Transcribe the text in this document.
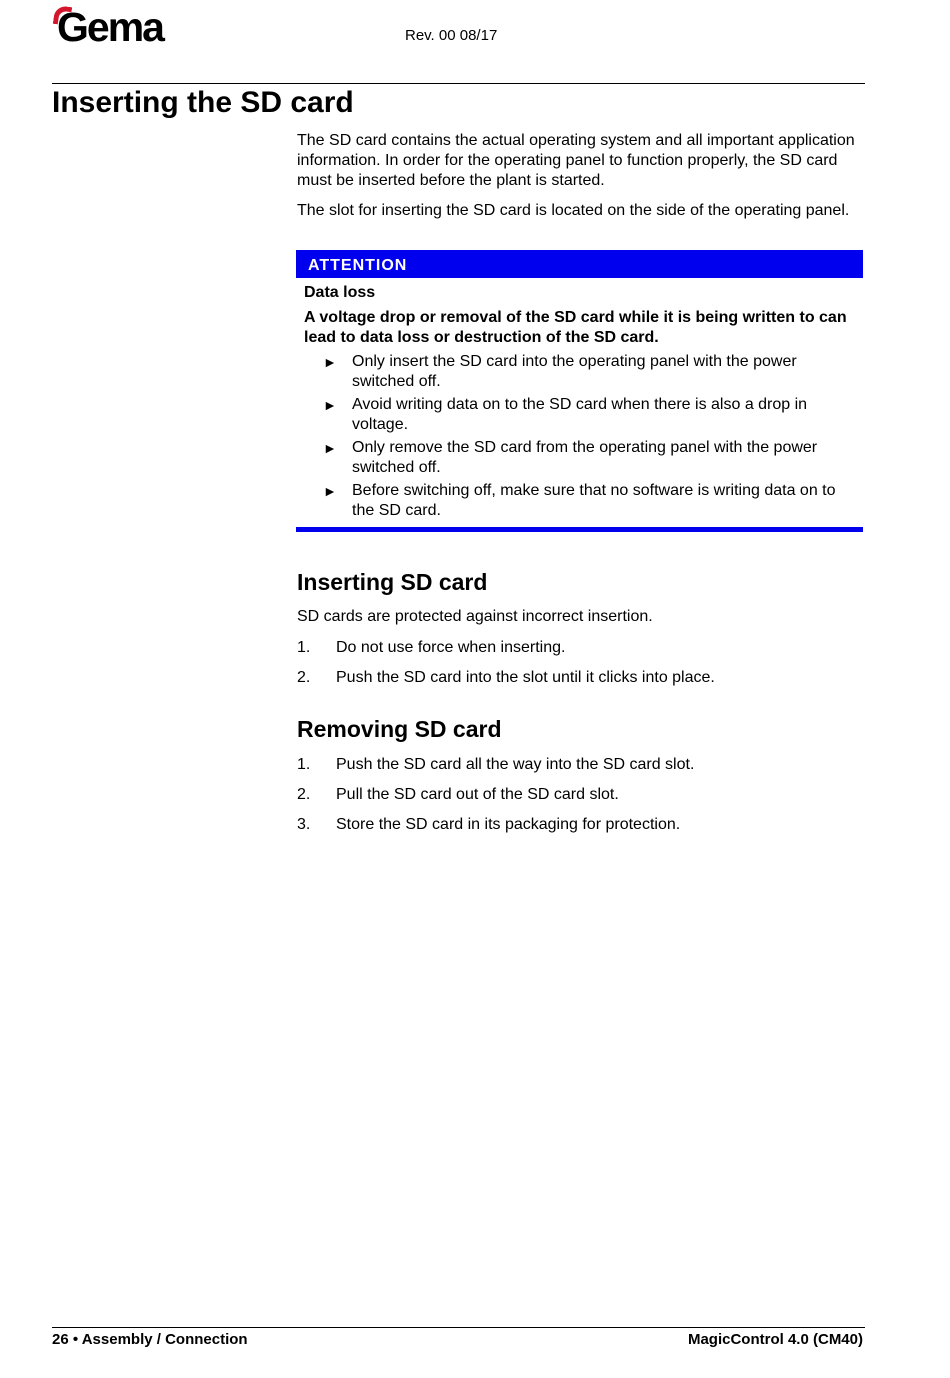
Gema	Rev. 00 08/17
Inserting the SD card

The SD card contains the actual operating system and all important application information. In order for the operating panel to function properly, the SD card must be inserted before the plant is started.

The slot for inserting the SD card is located on the side of the operating panel.

ATTENTION

Data loss

A voltage drop or removal of the SD card while it is being written to can lead to data loss or destruction of the SD card.

► Only insert the SD card into the operating panel with the power switched off.
► Avoid writing data on to the SD card when there is also a drop in voltage.
► Only remove the SD card from the operating panel with the power switched off.
► Before switching off, make sure that no software is writing data on to the SD card.
Inserting SD card
SD cards are protected against incorrect insertion.
1. Do not use force when inserting.
2. Push the SD card into the slot until it clicks into place.
Removing SD card
1. Push the SD card all the way into the SD card slot.
2. Pull the SD card out of the SD card slot.
3. Store the SD card in its packaging for protection.
26 • Assembly / Connection	MagicControl 4.0 (CM40)
